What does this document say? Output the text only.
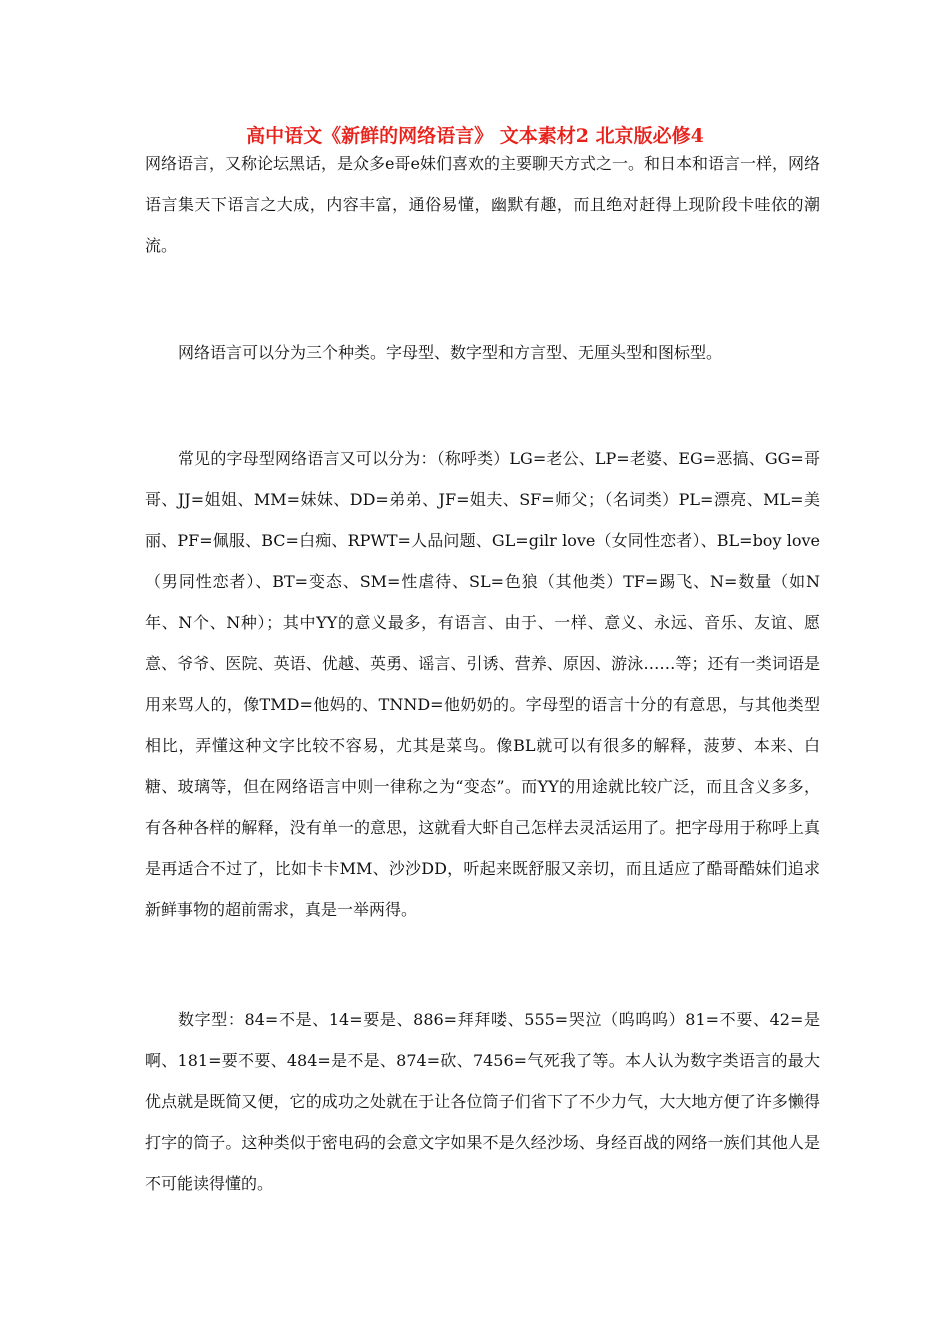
高中语文《新鲜的网络语言》 文本素材2 北京版必修4

网络语言，又称论坛黑话，是众多e哥e妹们喜欢的主要聊天方式之一。和日本和语言一样，网络语言集天下语言之大成，内容丰富，通俗易懂，幽默有趣，而且绝对赶得上现阶段卡哇依的潮流。

网络语言可以分为三个种类。字母型、数字型和方言型、无厘头型和图标型。

常见的字母型网络语言又可以分为：（称呼类）LG=老公、LP=老婆、EG=恶搞、GG=哥哥、JJ=姐姐、MM=妹妹、DD=弟弟、JF=姐夫、SF=师父；（名词类）PL=漂亮、ML=美丽、PF=佩服、BC=白痴、RPWT=人品问题、GL=gilr love（女同性恋者）、BL=boy love（男同性恋者）、BT=变态、SM=性虐待、SL=色狼（其他类）TF=踢飞、N=数量（如N年、N个、N种）；其中YY的意义最多，有语言、由于、一样、意义、永远、音乐、友谊、愿意、爷爷、医院、英语、优越、英勇、谣言、引诱、营养、原因、游泳……等；还有一类词语是用来骂人的，像TMD=他妈的、TNND=他奶奶的。字母型的语言十分的有意思，与其他类型相比，弄懂这种文字比较不容易，尤其是菜鸟。像BL就可以有很多的解释，菠萝、本来、白糖、玻璃等，但在网络语言中则一律称之为“变态”。而YY的用途就比较广泛，而且含义多多，有各种各样的解释，没有单一的意思，这就看大虾自己怎样去灵活运用了。把字母用于称呼上真是再适合不过了，比如卡卡MM、沙沙DD，听起来既舒服又亲切，而且适应了酷哥酷妹们追求新鲜事物的超前需求，真是一举两得。

数字型：84=不是、14=要是、886=拜拜喽、555=哭泣（呜呜呜）81=不要、42=是啊、181=要不要、484=是不是、874=砍、7456=气死我了等。本人认为数字类语言的最大优点就是既简又便，它的成功之处就在于让各位筒子们省下了不少力气，大大地方便了许多懒得打字的筒子。这种类似于密电码的会意文字如果不是久经沙场、身经百战的网络一族们其他人是不可能读得懂的。
